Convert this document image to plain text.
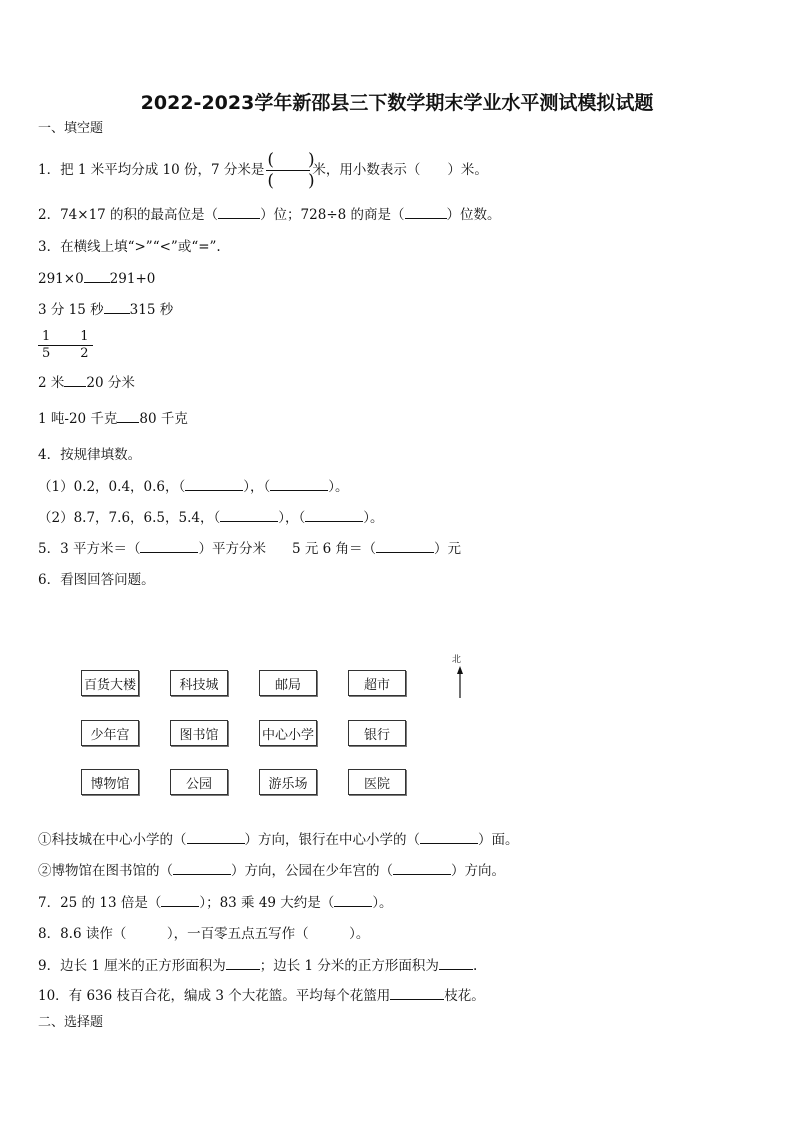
2022-2023学年新邵县三下数学期末学业水平测试模拟试题
一、填空题
1．把 1 米平均分成 10 份，7 分米是 $\frac{( )}{( )}$ 米，用小数表示（　　）米。
2．74×17 的积的最高位是（	）位；728÷8 的商是（	）位数。
3．在横线上填“>”“<”或“=”.
291×0 291+0
3 分 15 秒 315 秒
$\frac{1}{5} \frac{1}{2}$
2 米 20 分米
1 吨-20 千克 80 千克
4．按规律填数。
（1）0.2，0.4，0.6，（	），（	）。
（2）8.7，7.6，6.5，5.4，（	），（	）。
5．3 平方米＝（	）平方分米 5 元 6 角＝（	）元
6．看图回答问题。
百货大楼	科技城	邮局	超市
少年宫	图书馆	中心小学	银行
博物馆	公园	游乐场	医院
北
①科技城在中心小学的（	）方向，银行在中心小学的（	）面。
②博物馆在图书馆的（	）方向，公园在少年宫的（	）方向。
7．25 的 13 倍是（	）；83 乘 49 大约是（	）。
8．8.6 读作（　　　），一百零五点五写作（　　　）。
9．边长 1 厘米的正方形面积为	；边长 1 分米的正方形面积为	.
10．有 636 枝百合花，编成 3 个大花篮。平均每个花篮用	枝花。
二、选择题
